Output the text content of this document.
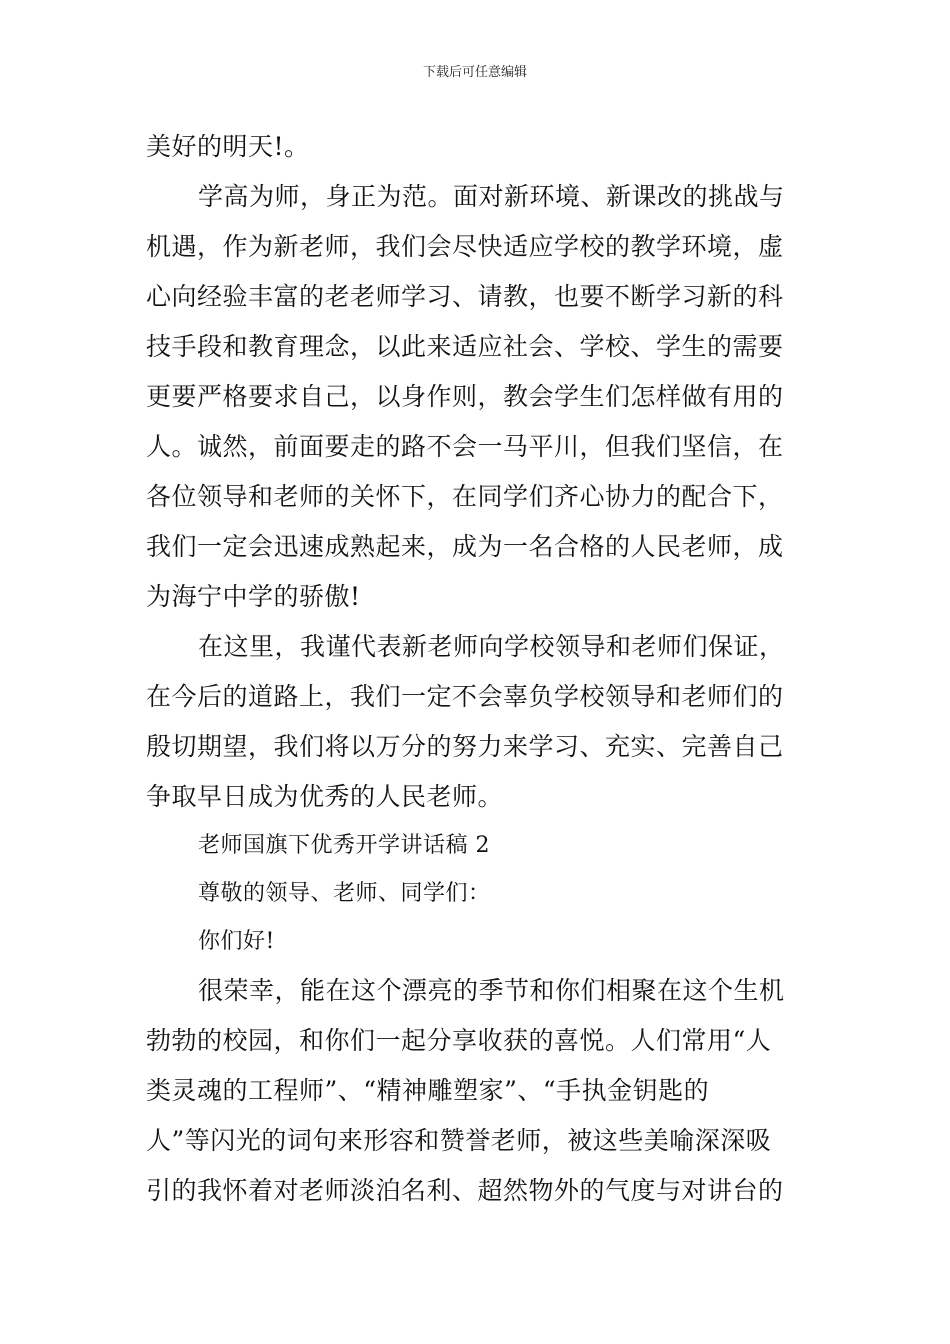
下载后可任意编辑
美好的明天!。
学高为师，身正为范。面对新环境、新课改的挑战与
机遇，作为新老师，我们会尽快适应学校的教学环境，虚
心向经验丰富的老老师学习、请教，也要不断学习新的科
技手段和教育理念，以此来适应社会、学校、学生的需要
更要严格要求自己，以身作则，教会学生们怎样做有用的
人。诚然，前面要走的路不会一马平川，但我们坚信，在
各位领导和老师的关怀下，在同学们齐心协力的配合下，
我们一定会迅速成熟起来，成为一名合格的人民老师，成
为海宁中学的骄傲!
在这里，我谨代表新老师向学校领导和老师们保证，
在今后的道路上，我们一定不会辜负学校领导和老师们的
殷切期望，我们将以万分的努力来学习、充实、完善自己
争取早日成为优秀的人民老师。
老师国旗下优秀开学讲话稿 2
尊敬的领导、老师、同学们：
你们好!
很荣幸，能在这个漂亮的季节和你们相聚在这个生机
勃勃的校园，和你们一起分享收获的喜悦。人们常用“人
类灵魂的工程师”、“精神雕塑家”、“手执金钥匙的
人”等闪光的词句来形容和赞誉老师，被这些美喻深深吸
引的我怀着对老师淡泊名利、超然物外的气度与对讲台的
